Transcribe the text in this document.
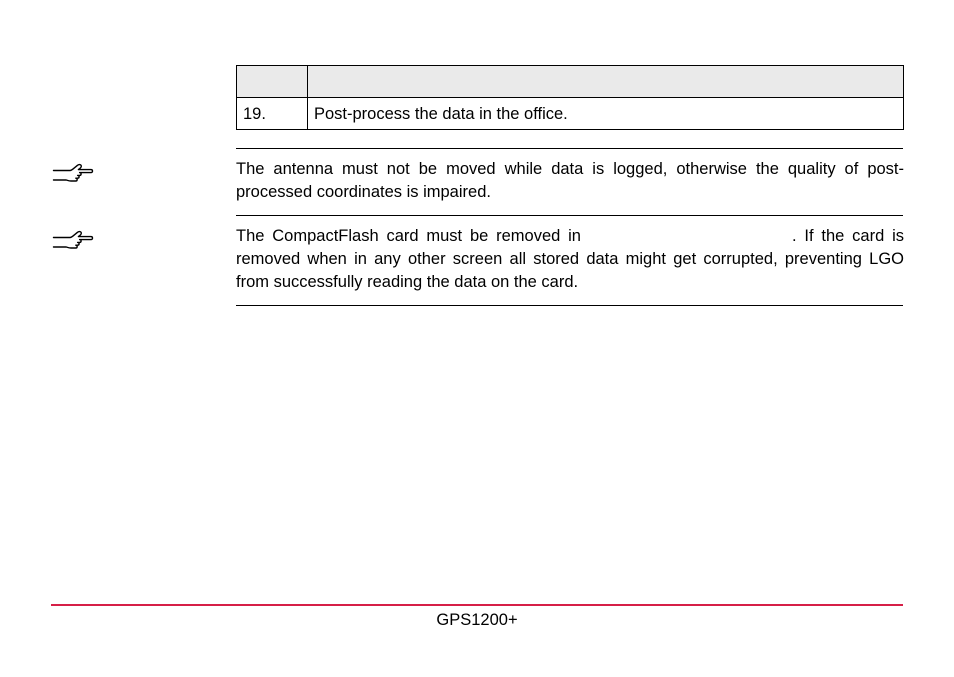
19.	Post-process the data in the office.
The antenna must not be moved while data is logged, otherwise the quality of post-processed coordinates is impaired.
The CompactFlash card must be removed in	. If the card is removed when in any other screen all stored data might get corrupted, preventing LGO from successfully reading the data on the card.
GPS1200+
